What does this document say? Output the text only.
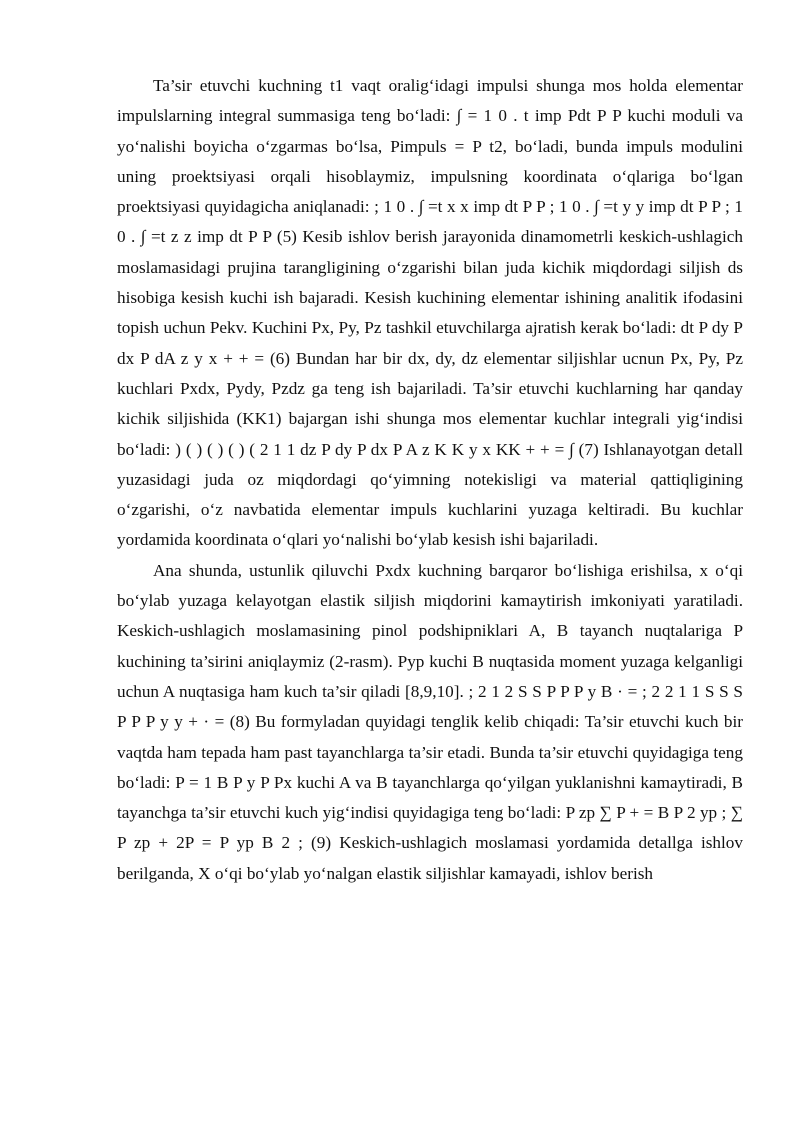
Ta’sir etuvchi kuchning t1 vaqt oralig‘idagi impulsi shunga mos holda elementar impulslarning integral summasiga teng bo‘ladi: ∫ = 1 0 . t imp Pdt P P kuchi moduli va yo‘nalishi boyicha o‘zgarmas bo‘lsa, Pimpuls = P t2, bo‘ladi, bunda impuls modulini uning proektsiyasi orqali hisoblaymiz, impulsning koordinata o‘qlariga bo‘lgan proektsiyasi quyidagicha aniqlanadi: ; 1 0 . ∫ =t x x imp dt P P ; 1 0 . ∫ =t y y imp dt P P ; 1 0 . ∫ =t z z imp dt P P (5) Kesib ishlov berish jarayonida dinamometrli keskich-ushlagich moslamasidagi prujina tarangligining o‘zgarishi bilan juda kichik miqdordagi siljish ds hisobiga kesish kuchi ish bajaradi. Kesish kuchining elementar ishining analitik ifodasini topish uchun Pekv. Kuchini Px, Py, Pz tashkil etuvchilarga ajratish kerak bo‘ladi: dt P dy P dx P dA z y x + + = (6) Bundan har bir dx, dy, dz elementar siljishlar ucnun Px, Py, Pz kuchlari Pxdx, Pydy, Pzdz ga teng ish bajariladi. Ta’sir etuvchi kuchlarning har qanday kichik siljishida (KK1) bajargan ishi shunga mos elementar kuchlar integrali yig‘indisi bo‘ladi: ) ( ) ( ) ( ) ( 2 1 1 dz P dy P dx P A z K K y x KK + + = ∫ (7) Ishlanayotgan detall yuzasidagi juda oz miqdordagi qo‘yimning notekisligi va material qattiqligining o‘zgarishi, o‘z navbatida elementar impuls kuchlarini yuzaga keltiradi. Bu kuchlar yordamida koordinata o‘qlari yo‘nalishi bo‘ylab kesish ishi bajariladi.

Ana shunda, ustunlik qiluvchi Pxdx kuchning barqaror bo‘lishiga erishilsa, x o‘qi bo‘ylab yuzaga kelayotgan elastik siljish miqdorini kamaytirish imkoniyati yaratiladi. Keskich-ushlagich moslamasining pinol podshipniklari A, B tayanch nuqtalariga P kuchining ta’sirini aniqlaymiz (2-rasm). Pyp kuchi B nuqtasida moment yuzaga kelganligi uchun A nuqtasiga ham kuch ta’sir qiladi [8,9,10]. ; 2 1 2 S S P P P y B · = ; 2 2 1 1 S S S P P P y y + · = (8) Bu formyladan quyidagi tenglik kelib chiqadi: Ta’sir etuvchi kuch bir vaqtda ham tepada ham past tayanchlarga ta’sir etadi. Bunda ta’sir etuvchi quyidagiga teng bo‘ladi: P = 1 B P y P Px kuchi A va B tayanchlarga qo‘yilgan yuklanishni kamaytiradi, B tayanchga ta’sir etuvchi kuch yig‘indisi quyidagiga teng bo‘ladi: P zp ∑ P + = B P 2 yp ; ∑ P zp + 2P = P yp B 2 ; (9) Keskich-ushlagich moslamasi yordamida detallga ishlov berilganda, X o‘qi bo‘ylab yo‘nalgan elastik siljishlar kamayadi, ishlov berish
